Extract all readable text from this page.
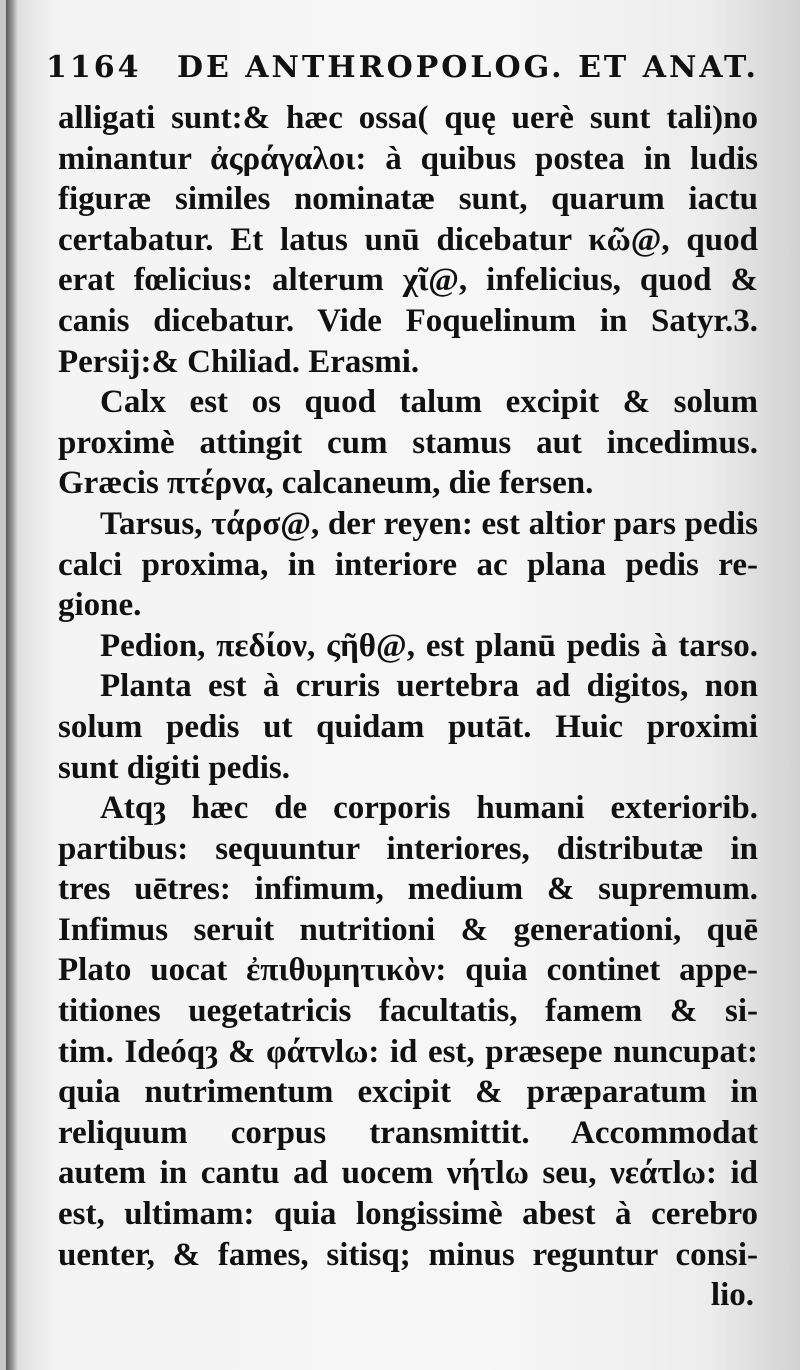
1164 DE ANTHROPOLOG. ET ANAT.
alligati sunt:& hæc ossa( quę uerè sunt tali)no
minantur ἀςράγαλοι: à quibus postea in ludis
figuræ similes nominatæ sunt, quarum iactu
certabatur. Et latus unū dicebatur κῶ@, quod
erat fœlicius: alterum χῖ@, infelicius, quod &
canis dicebatur. Vide Foquelinum in Satyr.3.
Persij:& Chiliad. Erasmi.
Calx est os quod talum excipit & solum
proximè attingit cum stamus aut incedimus.
Græcis πτέρνα, calcaneum, die fersen.
Tarsus, τάρσ@, der reyen: est altior pars pedis
calci proxima, in interiore ac plana pedis re-
gione.
Pedion, πεδίον, ςῆθ@, est planū pedis à tarso.
Planta est à cruris uertebra ad digitos, non
solum pedis ut quidam putāt. Huic proximi
sunt digiti pedis.
Atqȝ hæc de corporis humani exteriorib.
partibus: sequuntur interiores, distributæ in
tres uētres: infimum, medium & supremum.
Infimus seruit nutritioni & generationi, quē
Plato uocat ἐπιθυμητικὸν: quia continet appe-
titiones uegetatricis facultatis, famem & si-
tim. Ideóqȝ & φάτνlω: id est, præsepe nuncupat:
quia nutrimentum excipit & præparatum in
reliquum corpus transmittit. Accommodat
autem in cantu ad uocem νήτlω seu, νεάτlω: id
est, ultimam: quia longissimè abest à cerebro
uenter, & fames, sitisq; minus reguntur consi-
lio.
